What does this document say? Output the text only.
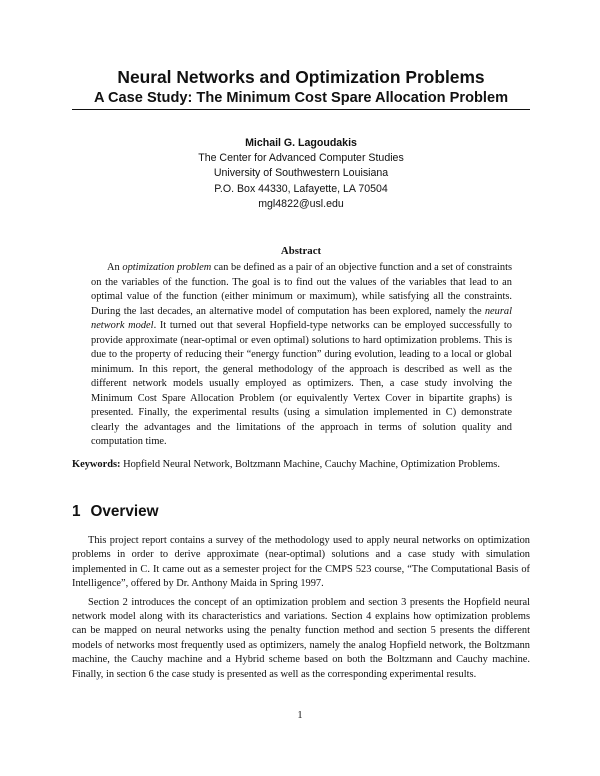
Neural Networks and Optimization Problems
A Case Study: The Minimum Cost Spare Allocation Problem
Michail G. Lagoudakis
The Center for Advanced Computer Studies
University of Southwestern Louisiana
P.O. Box 44330, Lafayette, LA 70504
mgl4822@usl.edu
Abstract

An optimization problem can be defined as a pair of an objective function and a set of constraints on the variables of the function. The goal is to find out the values of the variables that lead to an optimal value of the function (either minimum or maximum), while satisfying all the constraints. During the last decades, an alternative model of computation has been explored, namely the neural network model. It turned out that several Hopfield-type networks can be employed successfully to provide approximate (near-optimal or even optimal) solutions to hard optimization problems. This is due to the property of reducing their “energy function” during evolution, leading to a local or global minimum. In this report, the general methodology of the approach is described as well as the different network models usually employed as optimizers. Then, a case study involving the Minimum Cost Spare Allocation Problem (or equivalently Vertex Cover in bipartite graphs) is presented. Finally, the experimental results (using a simulation implemented in C) demonstrate clearly the advantages and the limitations of the approach in terms of solution quality and computation time.

Keywords: Hopfield Neural Network, Boltzmann Machine, Cauchy Machine, Optimization Problems.
1 Overview

This project report contains a survey of the methodology used to apply neural networks on optimization problems in order to derive approximate (near-optimal) solutions and a case study with simulation implemented in C. It came out as a semester project for the CMPS 523 course, “The Computational Basis of Intelligence”, offered by Dr. Anthony Maida in Spring 1997.

Section 2 introduces the concept of an optimization problem and section 3 presents the Hopfield neural network model along with its characteristics and variations. Section 4 explains how optimization problems can be mapped on neural networks using the penalty function method and section 5 presents the different models of networks most frequently used as optimizers, namely the analog Hopfield network, the Boltzmann machine, the Cauchy machine and a Hybrid scheme based on both the Boltzmann and Cauchy machine. Finally, in section 6 the case study is presented as well as the corresponding experimental results.

1
